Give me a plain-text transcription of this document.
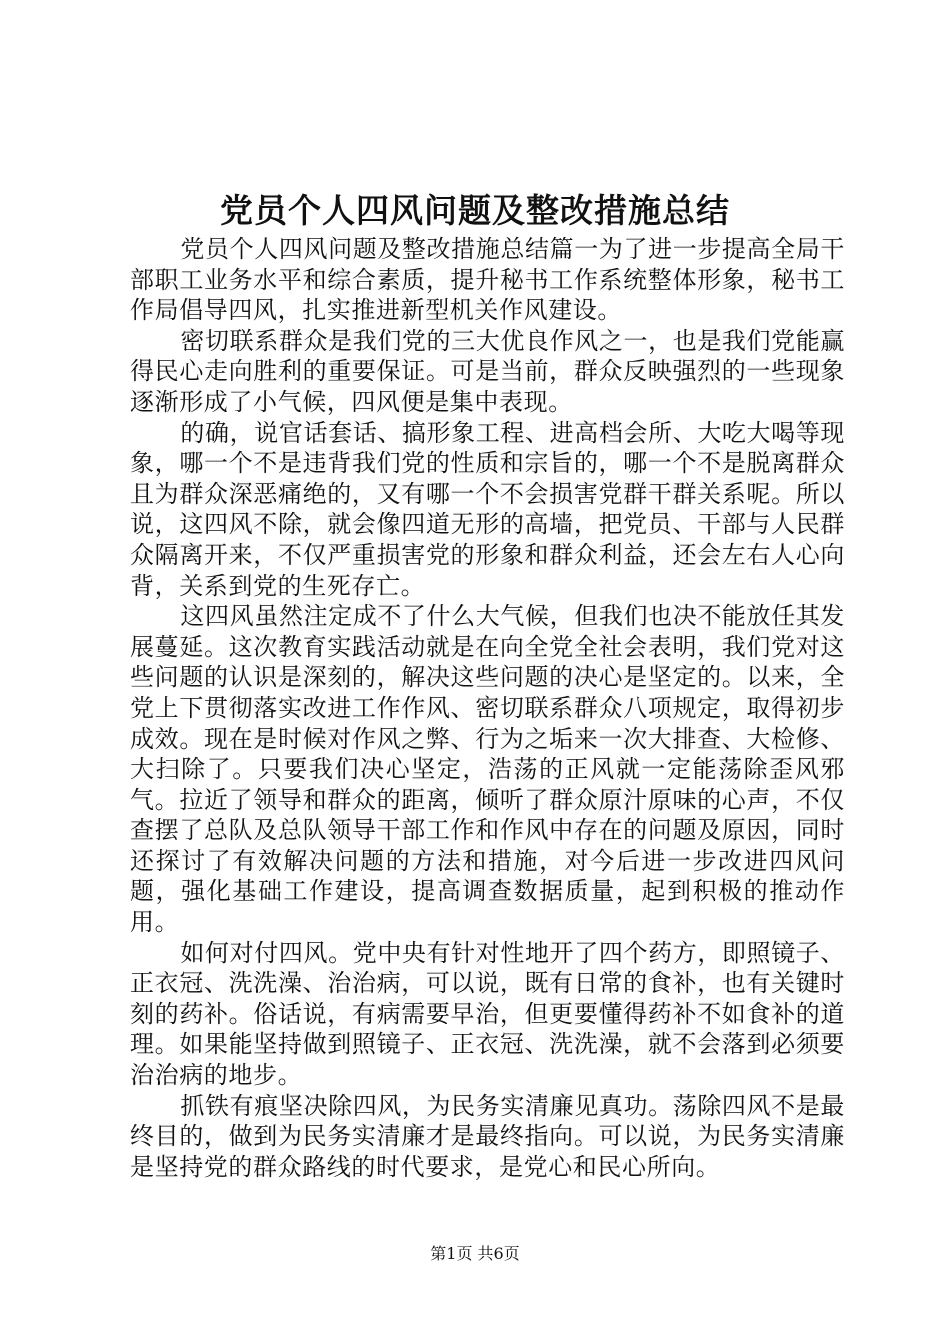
党员个人四风问题及整改措施总结

党员个人四风问题及整改措施总结篇一为了进一步提高全局干部职工业务水平和综合素质，提升秘书工作系统整体形象，秘书工作局倡导四风，扎实推进新型机关作风建设。

密切联系群众是我们党的三大优良作风之一，也是我们党能赢得民心走向胜利的重要保证。可是当前，群众反映强烈的一些现象逐渐形成了小气候，四风便是集中表现。

的确，说官话套话、搞形象工程、进高档会所、大吃大喝等现象，哪一个不是违背我们党的性质和宗旨的，哪一个不是脱离群众且为群众深恶痛绝的，又有哪一个不会损害党群干群关系呢。所以说，这四风不除，就会像四道无形的高墙，把党员、干部与人民群众隔离开来，不仅严重损害党的形象和群众利益，还会左右人心向背，关系到党的生死存亡。

这四风虽然注定成不了什么大气候，但我们也决不能放任其发展蔓延。这次教育实践活动就是在向全党全社会表明，我们党对这些问题的认识是深刻的，解决这些问题的决心是坚定的。以来，全党上下贯彻落实改进工作作风、密切联系群众八项规定，取得初步成效。现在是时候对作风之弊、行为之垢来一次大排查、大检修、大扫除了。只要我们决心坚定，浩荡的正风就一定能荡除歪风邪气。拉近了领导和群众的距离，倾听了群众原汁原味的心声，不仅查摆了总队及总队领导干部工作和作风中存在的问题及原因，同时还探讨了有效解决问题的方法和措施，对今后进一步改进四风问题，强化基础工作建设，提高调查数据质量，起到积极的推动作用。

如何对付四风。党中央有针对性地开了四个药方，即照镜子、正衣冠、洗洗澡、治治病，可以说，既有日常的食补，也有关键时刻的药补。俗话说，有病需要早治，但更要懂得药补不如食补的道理。如果能坚持做到照镜子、正衣冠、洗洗澡，就不会落到必须要治治病的地步。

抓铁有痕坚决除四风，为民务实清廉见真功。荡除四风不是最终目的，做到为民务实清廉才是最终指向。可以说，为民务实清廉是坚持党的群众路线的时代要求，是党心和民心所向。

第1页 共6页
